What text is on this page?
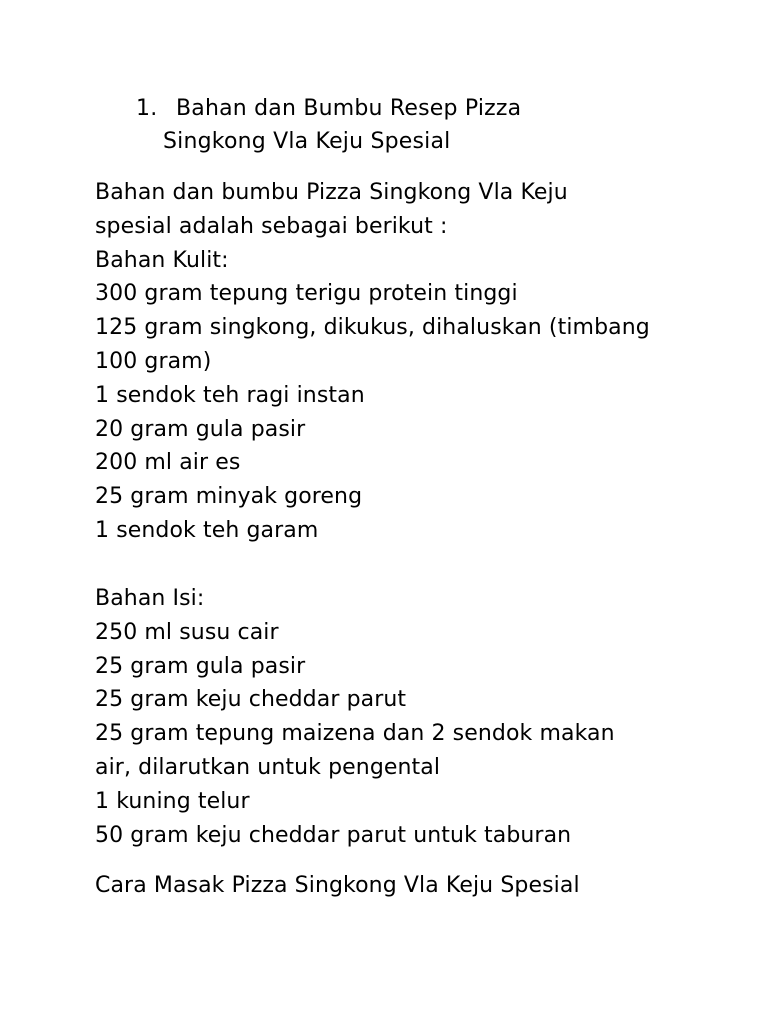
1. Bahan dan Bumbu Resep Pizza
Singkong Vla Keju Spesial
Bahan dan bumbu Pizza Singkong Vla Keju
spesial adalah sebagai berikut :
Bahan Kulit:
300 gram tepung terigu protein tinggi
125 gram singkong, dikukus, dihaluskan (timbang
100 gram)
1 sendok teh ragi instan
20 gram gula pasir
200 ml air es
25 gram minyak goreng
1 sendok teh garam
Bahan Isi:
250 ml susu cair
25 gram gula pasir
25 gram keju cheddar parut
25 gram tepung maizena dan 2 sendok makan
air, dilarutkan untuk pengental
1 kuning telur
50 gram keju cheddar parut untuk taburan
Cara Masak Pizza Singkong Vla Keju Spesial
